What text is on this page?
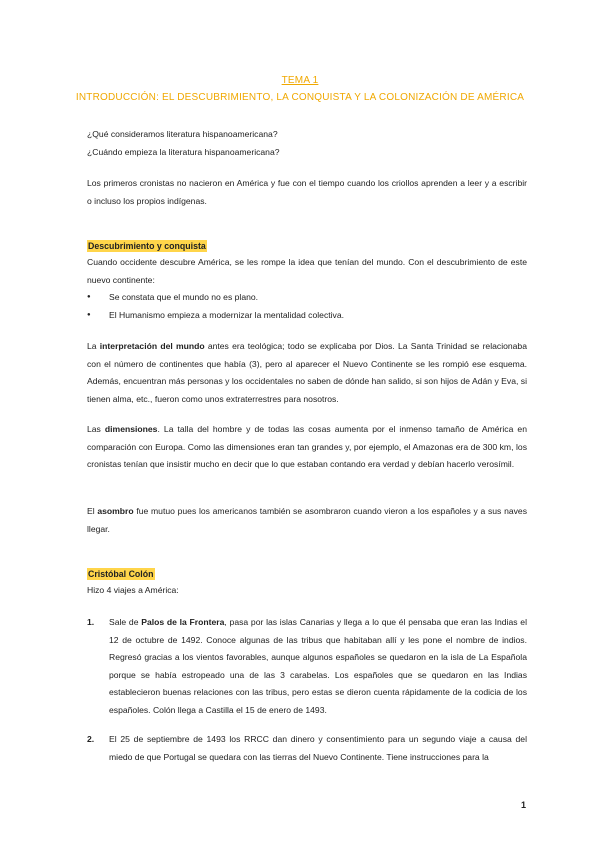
TEMA 1
INTRODUCCIÓN: EL DESCUBRIMIENTO, LA CONQUISTA Y LA COLONIZACIÓN DE AMÉRICA
¿Qué consideramos literatura hispanoamericana?
¿Cuándo empieza la literatura hispanoamericana?
Los primeros cronistas no nacieron en América y fue con el tiempo cuando los criollos aprenden a leer y a escribir o incluso los propios indígenas.
Descubrimiento y conquista
Cuando occidente descubre América, se les rompe la idea que tenían del mundo. Con el descubrimiento de este nuevo continente:
● Se constata que el mundo no es plano.
● El Humanismo empieza a modernizar la mentalidad colectiva.
La interpretación del mundo antes era teológica; todo se explicaba por Dios. La Santa Trinidad se relacionaba con el número de continentes que había (3), pero al aparecer el Nuevo Continente se les rompió ese esquema. Además, encuentran más personas y los occidentales no saben de dónde han salido, si son hijos de Adán y Eva, si tienen alma, etc., fueron como unos extraterrestres para nosotros.
Las dimensiones. La talla del hombre y de todas las cosas aumenta por el inmenso tamaño de América en comparación con Europa. Como las dimensiones eran tan grandes y, por ejemplo, el Amazonas era de 300 km, los cronistas tenían que insistir mucho en decir que lo que estaban contando era verdad y debían hacerlo verosímil.
El asombro fue mutuo pues los americanos también se asombraron cuando vieron a los españoles y a sus naves llegar.
Cristóbal Colón
Hizo 4 viajes a América:
1. Sale de Palos de la Frontera, pasa por las islas Canarias y llega a lo que él pensaba que eran las Indias el 12 de octubre de 1492. Conoce algunas de las tribus que habitaban allí y les pone el nombre de indios. Regresó gracias a los vientos favorables, aunque algunos españoles se quedaron en la isla de La Española porque se había estropeado una de las 3 carabelas. Los españoles que se quedaron en las Indias establecieron buenas relaciones con las tribus, pero estas se dieron cuenta rápidamente de la codicia de los españoles. Colón llega a Castilla el 15 de enero de 1493.
2. El 25 de septiembre de 1493 los RRCC dan dinero y consentimiento para un segundo viaje a causa del miedo de que Portugal se quedara con las tierras del Nuevo Continente. Tiene instrucciones para la
1
